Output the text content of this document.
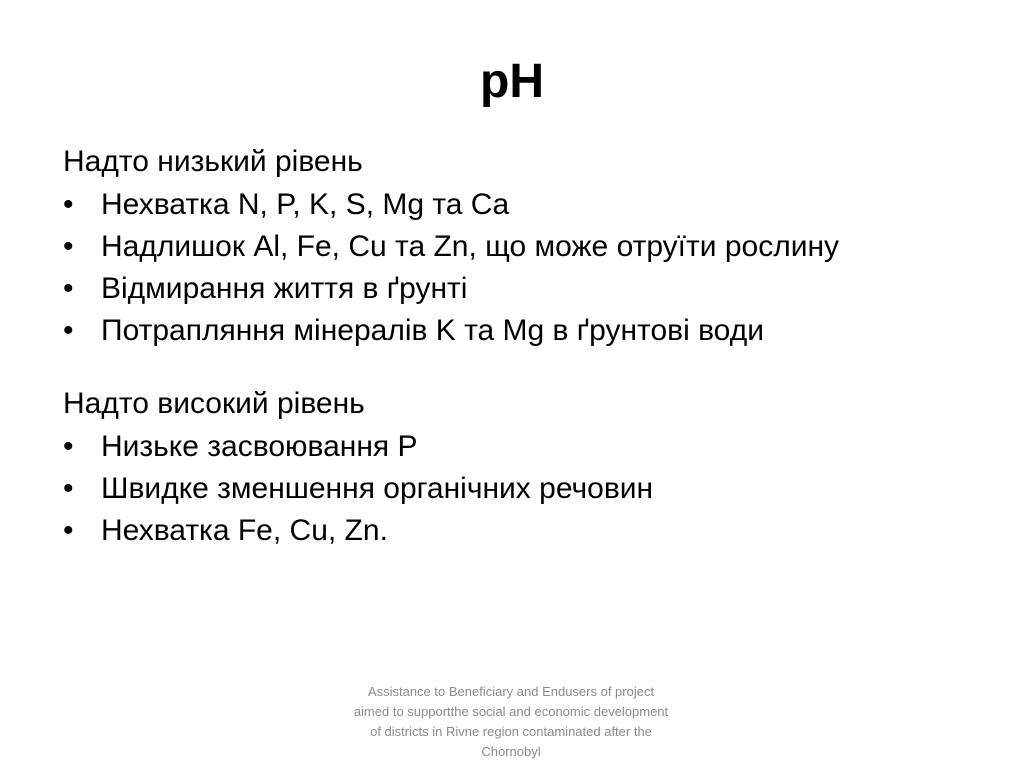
pH

Надто низький рівень

• Нехватка N, P, K, S, Mg та Ca
• Надлишок Al, Fe, Cu та Zn, що може отруїти рослину
• Відмирання життя в ґрунті
• Потрапляння мінералів K та Mg в ґрунтові води

Надто високий рівень

• Низьке засвоювання P
• Швидке зменшення органічних речовин
• Нехватка Fe, Cu, Zn.

Assistance to Beneficiary and Endusers of project aimed to supportthe social and economic development of districts in Rivne region contaminated after the Chornobyl
